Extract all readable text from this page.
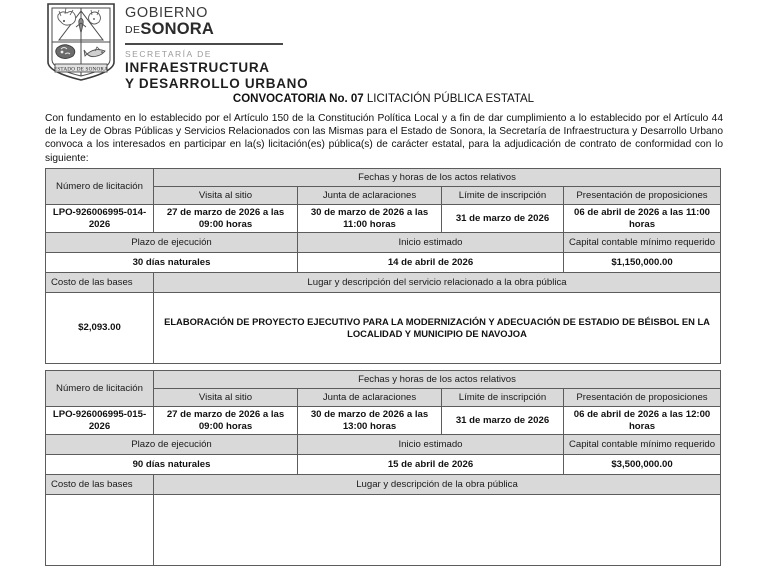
ESTADO DE SONORA
GOBIERNO
DESONORA
SECRETARÍA DE
INFRAESTRUCTURA
Y DESARROLLO URBANO
CONVOCATORIA No. 07 LICITACIÓN PÚBLICA ESTATAL

Con fundamento en lo establecido por el Artículo 150 de la Constitución Política Local y a fin de dar cumplimiento a lo establecido por el Artículo 44 de la Ley de Obras Públicas y Servicios Relacionados con las Mismas para el Estado de Sonora, la Secretaría de Infraestructura y Desarrollo Urbano convoca a los interesados en participar en la(s) licitación(es) pública(s) de carácter estatal, para la adjudicación de contrato de conformidad con lo siguiente:

Número de licitación	Fechas y horas de los actos relativos			
	Visita al sitio	Junta de aclaraciones	Límite de inscripción	Presentación de proposiciones
LPO-926006995-014-2026	27 de marzo de 2026 a las 09:00 horas	30 de marzo de 2026 a las 11:00 horas	31 de marzo de 2026	06 de abril de 2026 a las 11:00 horas
Plazo de ejecución		Inicio estimado		Capital contable mínimo requerido
30 días naturales		14 de abril de 2026		$1,150,000.00
Costo de las bases	Lugar y descripción del servicio relacionado a la obra pública			
$2,093.00	ELABORACIÓN DE PROYECTO EJECUTIVO PARA LA MODERNIZACIÓN Y ADECUACIÓN DE ESTADIO DE BÉISBOL EN LA LOCALIDAD Y MUNICIPIO DE NAVOJOA			
Número de licitación	Fechas y horas de los actos relativos			
	Visita al sitio	Junta de aclaraciones	Límite de inscripción	Presentación de proposiciones
LPO-926006995-015-2026	27 de marzo de 2026 a las 09:00 horas	30 de marzo de 2026 a las 13:00 horas	31 de marzo de 2026	06 de abril de 2026 a las 12:00 horas
Plazo de ejecución		Inicio estimado		Capital contable mínimo requerido
90 días naturales		15 de abril de 2026		$3,500,000.00
Costo de las bases	Lugar y descripción de la obra pública			
